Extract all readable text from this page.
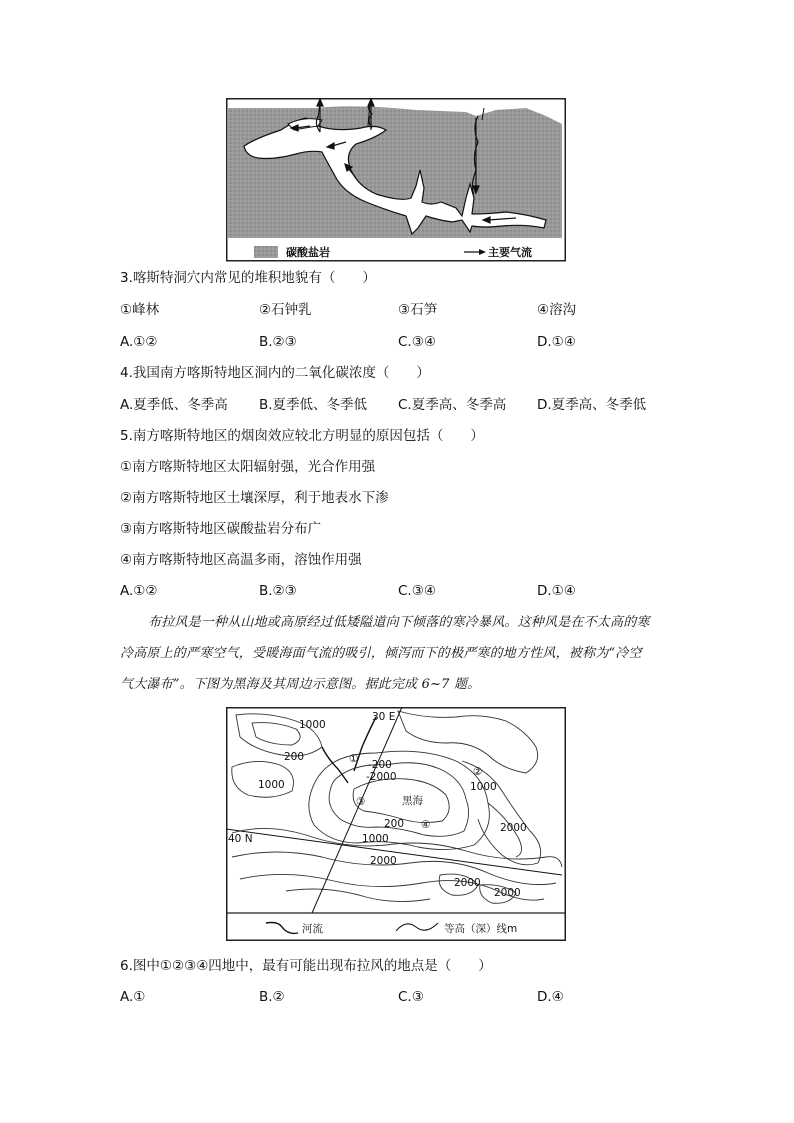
碳酸盐岩	主要气流
3.喀斯特洞穴内常见的堆积地貌有（　　）
①峰林	②石钟乳	③石笋	④溶沟
A.①②	B.②③	C.③④	D.①④
4.我国南方喀斯特地区洞内的二氧化碳浓度（　　）
A.夏季低、冬季高 B.夏季低、冬季低 C.夏季高、冬季高 D.夏季高、冬季低
5.南方喀斯特地区的烟囱效应较北方明显的原因包括（　　）
①南方喀斯特地区太阳辐射强，光合作用强
②南方喀斯特地区土壤深厚，利于地表水下渗
③南方喀斯特地区碳酸盐岩分布广
④南方喀斯特地区高温多雨，溶蚀作用强
A.①②	B.②③	C.③④	D.①④
布拉风是一种从山地或高原经过低矮隘道向下倾落的寒冷暴风。这种风是在不太高的寒
冷高原上的严寒空气，受暖海面气流的吸引，倾泻而下的极严寒的地方性风，被称为“冷空
气大瀑布”。下图为黑海及其周边示意图。据此完成 6~7 题。
黑海
30 E
40 N
①
②
③
④
1000
200
1000
-200
-2000
1000
200
1000
2000
2000
2000
2000
河流	等高（深）线m
6.图中①②③④四地中，最有可能出现布拉风的地点是（　　）
A.①	B.②	C.③	D.④
